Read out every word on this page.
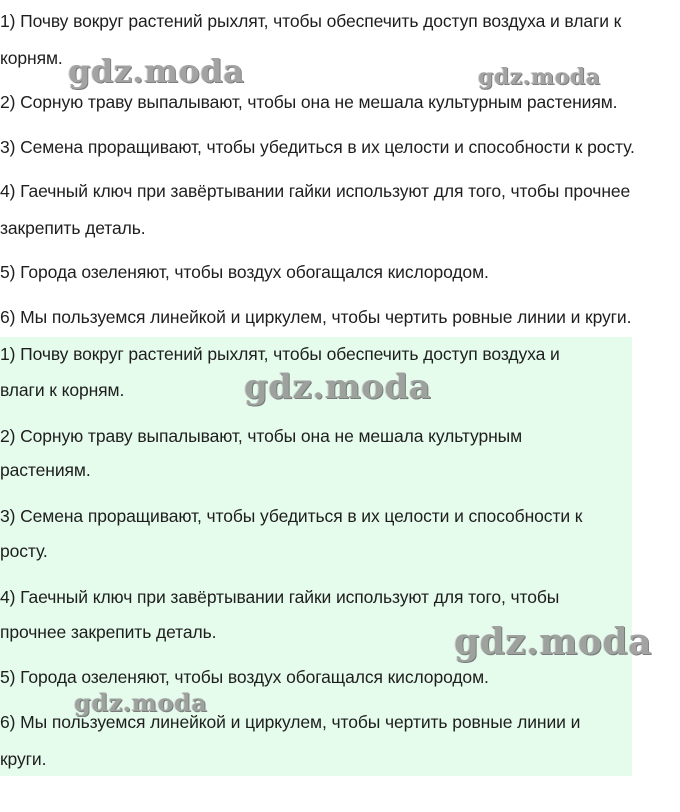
1) Почву вокруг растений рыхлят, чтобы обеспечить доступ воздуха и влаги к

корням.

2) Сорную траву выпалывают, чтобы она не мешала культурным растениям.

3) Семена проращивают, чтобы убедиться в их целости и способности к росту.

4) Гаечный ключ при завёртывании гайки используют для того, чтобы прочнее

закрепить деталь.

5) Города озеленяют, чтобы воздух обогащался кислородом.

6) Мы пользуемся линейкой и циркулем, чтобы чертить ровные линии и круги.

1) Почву вокруг растений рыхлят, чтобы обеспечить доступ воздуха и

влаги к корням.

2) Сорную траву выпалывают, чтобы она не мешала культурным

растениям.

3) Семена проращивают, чтобы убедиться в их целости и способности к

росту.

4) Гаечный ключ при завёртывании гайки используют для того, чтобы

прочнее закрепить деталь.

5) Города озеленяют, чтобы воздух обогащался кислородом.

6) Мы пользуемся линейкой и циркулем, чтобы чертить ровные линии и

круги.

gdz.moda	gdz.moda
gdz.moda
gdz.moda
gdz.moda
